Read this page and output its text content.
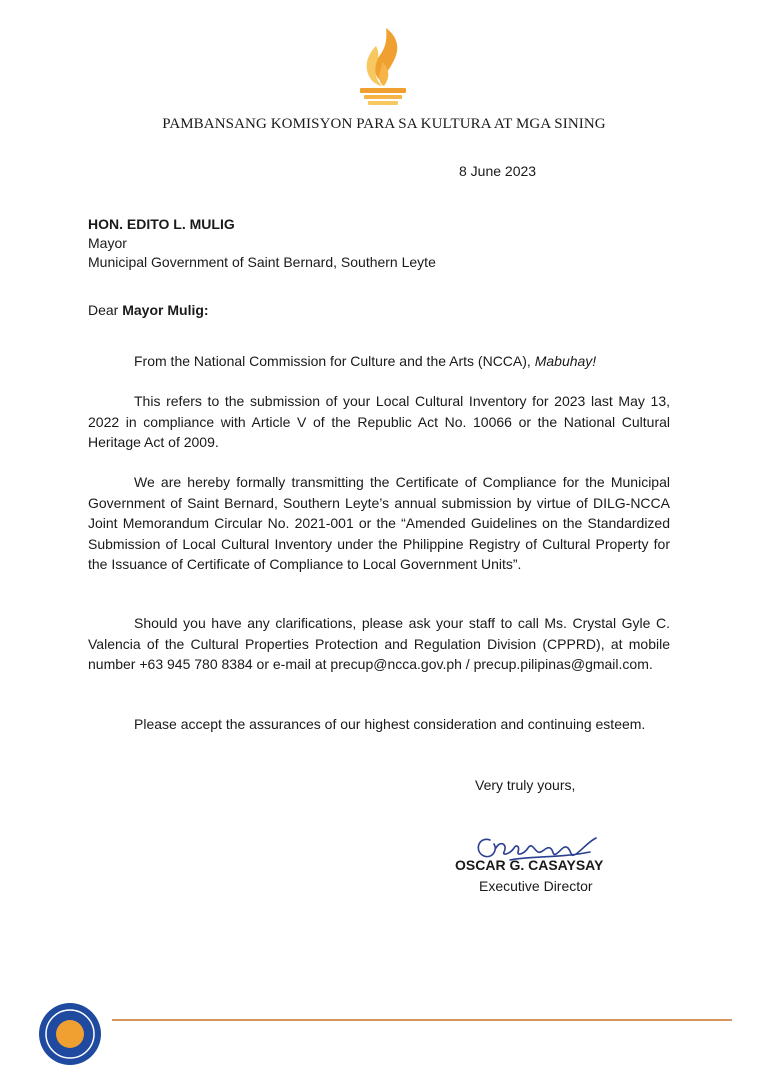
PAMBANSANG KOMISYON PARA SA KULTURA AT MGA SINING
8 June 2023
HON. EDITO L. MULIG
Mayor
Municipal Government of Saint Bernard, Southern Leyte
Dear Mayor Mulig:

From the National Commission for Culture and the Arts (NCCA), Mabuhay!

This refers to the submission of your Local Cultural Inventory for 2023 last May 13, 2022 in compliance with Article V of the Republic Act No. 10066 or the National Cultural Heritage Act of 2009.

We are hereby formally transmitting the Certificate of Compliance for the Municipal Government of Saint Bernard, Southern Leyte’s annual submission by virtue of DILG-NCCA Joint Memorandum Circular No. 2021-001 or the “Amended Guidelines on the Standardized Submission of Local Cultural Inventory under the Philippine Registry of Cultural Property for the Issuance of Certificate of Compliance to Local Government Units”.

Should you have any clarifications, please ask your staff to call Ms. Crystal Gyle C. Valencia of the Cultural Properties Protection and Regulation Division (CPPRD), at mobile number +63 945 780 8384 or e-mail at precup@ncca.gov.ph / precup.pilipinas@gmail.com.

Please accept the assurances of our highest consideration and continuing esteem.

Very truly yours,
OSCAR G. CASAYSAY
Executive Director
